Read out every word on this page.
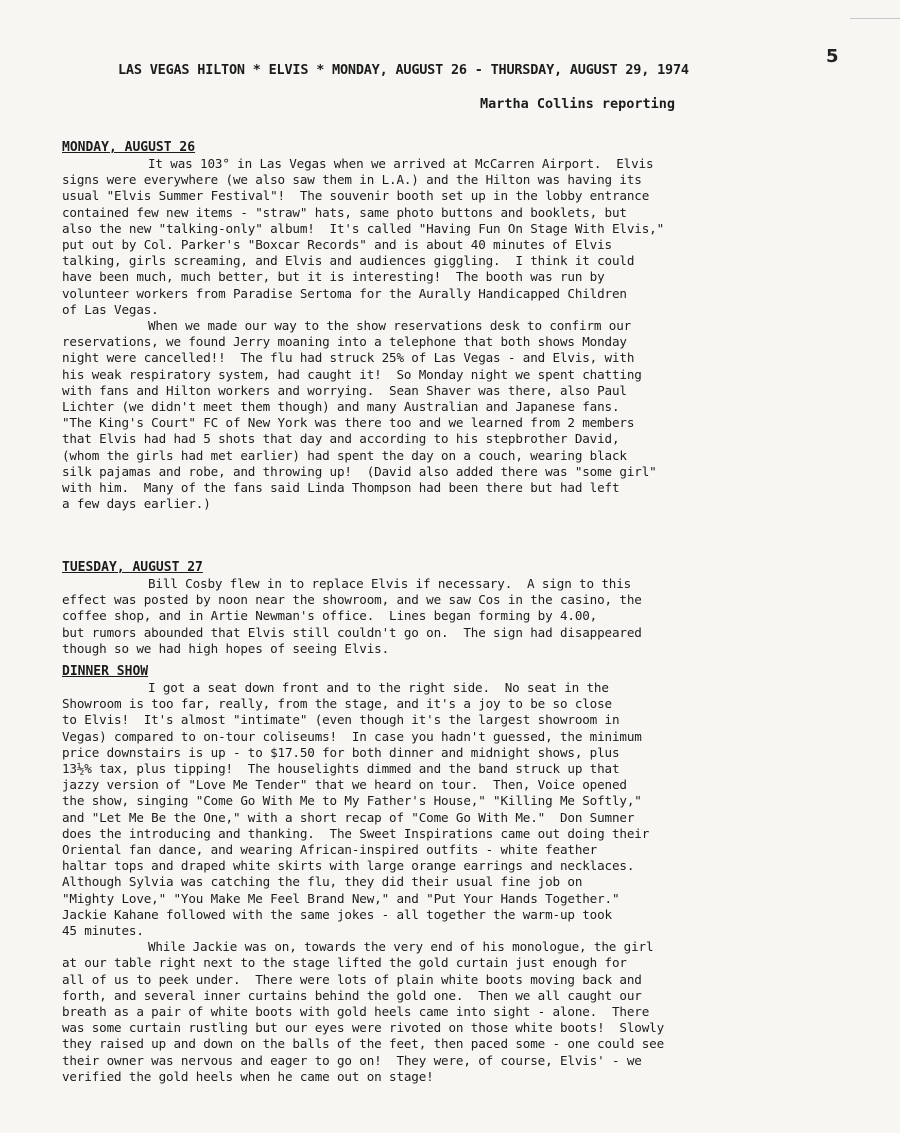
5
LAS VEGAS HILTON * ELVIS * MONDAY, AUGUST 26 - THURSDAY, AUGUST 29, 1974
Martha Collins reporting
MONDAY, AUGUST 26
It was 103° in Las Vegas when we arrived at McCarren Airport.  Elvis
signs were everywhere (we also saw them in L.A.) and the Hilton was having its
usual "Elvis Summer Festival"!  The souvenir booth set up in the lobby entrance
contained few new items - "straw" hats, same photo buttons and booklets, but
also the new "talking-only" album!  It's called "Having Fun On Stage With Elvis,"
put out by Col. Parker's "Boxcar Records" and is about 40 minutes of Elvis
talking, girls screaming, and Elvis and audiences giggling.  I think it could
have been much, much better, but it is interesting!  The booth was run by
volunteer workers from Paradise Sertoma for the Aurally Handicapped Children
of Las Vegas.
When we made our way to the show reservations desk to confirm our
reservations, we found Jerry moaning into a telephone that both shows Monday
night were cancelled!!  The flu had struck 25% of Las Vegas - and Elvis, with
his weak respiratory system, had caught it!  So Monday night we spent chatting
with fans and Hilton workers and worrying.  Sean Shaver was there, also Paul
Lichter (we didn't meet them though) and many Australian and Japanese fans.
"The King's Court" FC of New York was there too and we learned from 2 members
that Elvis had had 5 shots that day and according to his stepbrother David,
(whom the girls had met earlier) had spent the day on a couch, wearing black
silk pajamas and robe, and throwing up!  (David also added there was "some girl"
with him.  Many of the fans said Linda Thompson had been there but had left
a few days earlier.)
TUESDAY, AUGUST 27
Bill Cosby flew in to replace Elvis if necessary.  A sign to this
effect was posted by noon near the showroom, and we saw Cos in the casino, the
coffee shop, and in Artie Newman's office.  Lines began forming by 4.00,
but rumors abounded that Elvis still couldn't go on.  The sign had disappeared
though so we had high hopes of seeing Elvis.
DINNER SHOW
I got a seat down front and to the right side.  No seat in the
Showroom is too far, really, from the stage, and it's a joy to be so close
to Elvis!  It's almost "intimate" (even though it's the largest showroom in
Vegas) compared to on-tour coliseums!  In case you hadn't guessed, the minimum
price downstairs is up - to $17.50 for both dinner and midnight shows, plus
13½% tax, plus tipping!  The houselights dimmed and the band struck up that
jazzy version of "Love Me Tender" that we heard on tour.  Then, Voice opened
the show, singing "Come Go With Me to My Father's House," "Killing Me Softly,"
and "Let Me Be the One," with a short recap of "Come Go With Me."  Don Sumner
does the introducing and thanking.  The Sweet Inspirations came out doing their
Oriental fan dance, and wearing African-inspired outfits - white feather
haltar tops and draped white skirts with large orange earrings and necklaces.
Although Sylvia was catching the flu, they did their usual fine job on
"Mighty Love," "You Make Me Feel Brand New," and "Put Your Hands Together."
Jackie Kahane followed with the same jokes - all together the warm-up took
45 minutes.
While Jackie was on, towards the very end of his monologue, the girl
at our table right next to the stage lifted the gold curtain just enough for
all of us to peek under.  There were lots of plain white boots moving back and
forth, and several inner curtains behind the gold one.  Then we all caught our
breath as a pair of white boots with gold heels came into sight - alone.  There
was some curtain rustling but our eyes were rivoted on those white boots!  Slowly
they raised up and down on the balls of the feet, then paced some - one could see
their owner was nervous and eager to go on!  They were, of course, Elvis' - we
verified the gold heels when he came out on stage!
